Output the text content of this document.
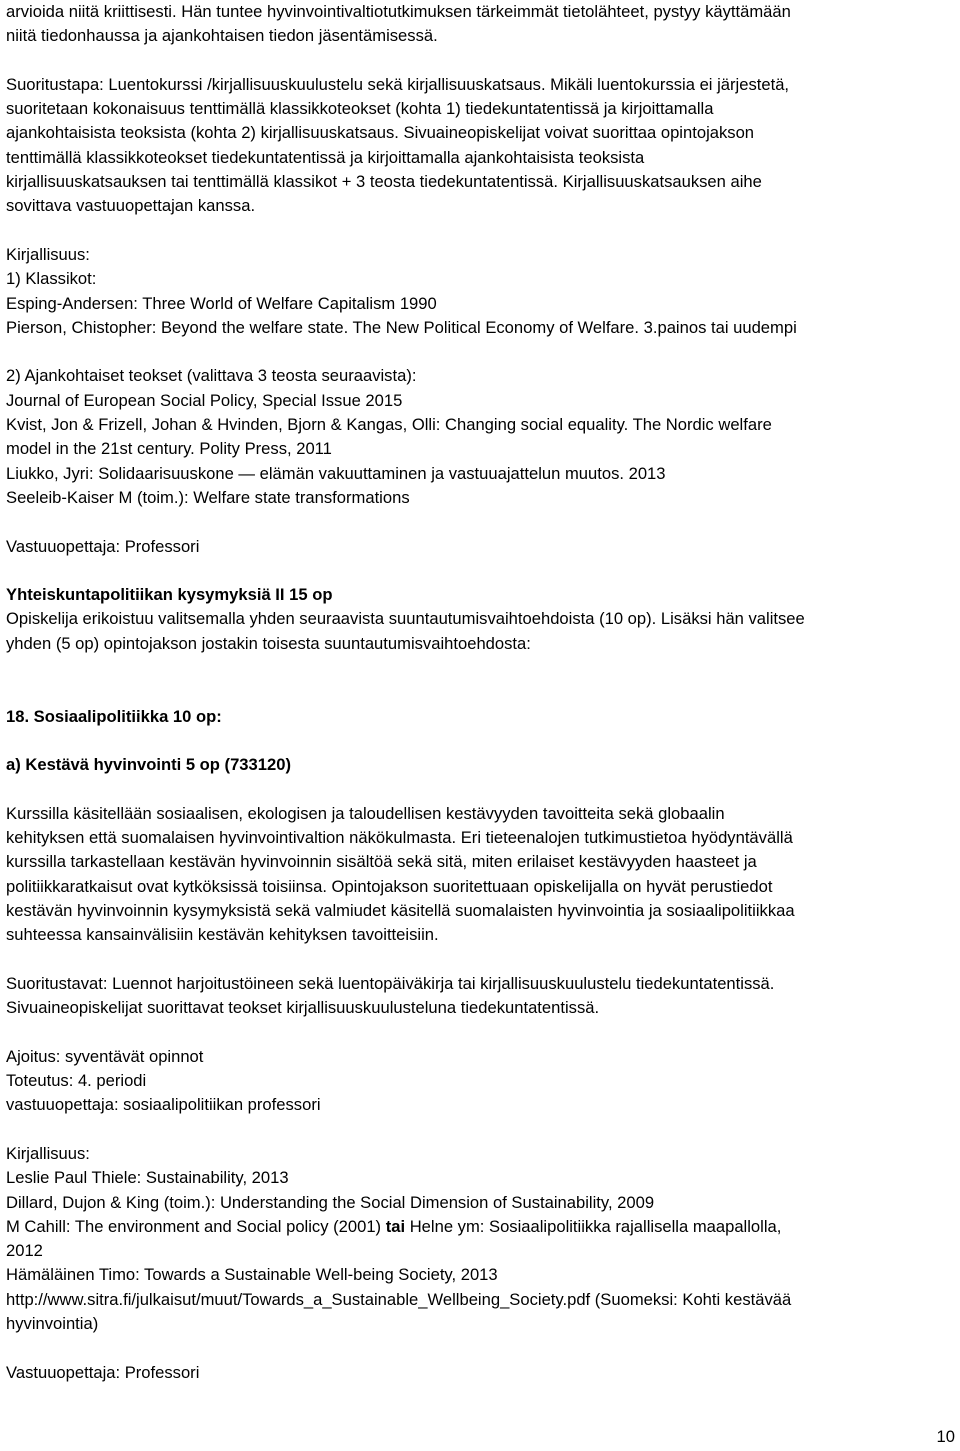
arvioida niitä kriittisesti. Hän tuntee hyvinvointivaltiotutkimuksen tärkeimmät tietolähteet, pystyy käyttämään

niitä tiedonhaussa ja ajankohtaisen tiedon jäsentämisessä.

Suoritustapa: Luentokurssi /kirjallisuuskuulustelu sekä kirjallisuuskatsaus. Mikäli luentokurssia ei järjestetä,

suoritetaan kokonaisuus tenttimällä klassikkoteokset (kohta 1) tiedekuntatentissä ja kirjoittamalla

ajankohtaisista teoksista (kohta 2) kirjallisuuskatsaus. Sivuaineopiskelijat voivat suorittaa opintojakson

tenttimällä klassikkoteokset tiedekuntatentissä ja kirjoittamalla ajankohtaisista teoksista

kirjallisuuskatsauksen tai tenttimällä klassikot + 3 teosta tiedekuntatentissä. Kirjallisuuskatsauksen aihe

sovittava vastuuopettajan kanssa.

Kirjallisuus:

1) Klassikot:

Esping-Andersen: Three World of Welfare Capitalism 1990

Pierson, Chistopher: Beyond the welfare state. The New Political Economy of Welfare. 3.painos tai uudempi

2) Ajankohtaiset teokset (valittava 3 teosta seuraavista):

Journal of European Social Policy, Special Issue 2015

Kvist, Jon & Frizell, Johan & Hvinden, Bjorn & Kangas, Olli: Changing social equality. The Nordic welfare

model in the 21st century. Polity Press, 2011

Liukko, Jyri: Solidaarisuuskone — elämän vakuuttaminen ja vastuuajattelun muutos. 2013

Seeleib-Kaiser M (toim.): Welfare state transformations

Vastuuopettaja: Professori

Yhteiskuntapolitiikan kysymyksiä II 15 op

Opiskelija erikoistuu valitsemalla yhden seuraavista suuntautumisvaihtoehdoista (10 op). Lisäksi hän valitsee

yhden (5 op) opintojakson jostakin toisesta suuntautumisvaihtoehdosta:

18. Sosiaalipolitiikka 10 op:

a) Kestävä hyvinvointi 5 op (733120)

Kurssilla käsitellään sosiaalisen, ekologisen ja taloudellisen kestävyyden tavoitteita sekä globaalin

kehityksen että suomalaisen hyvinvointivaltion näkökulmasta. Eri tieteenalojen tutkimustietoa hyödyntävällä

kurssilla tarkastellaan kestävän hyvinvoinnin sisältöä sekä sitä, miten erilaiset kestävyyden haasteet ja

politiikkaratkaisut ovat kytköksissä toisiinsa. Opintojakson suoritettuaan opiskelijalla on hyvät perustiedot

kestävän hyvinvoinnin kysymyksistä sekä valmiudet käsitellä suomalaisten hyvinvointia ja sosiaalipolitiikkaa

suhteessa kansainvälisiin kestävän kehityksen tavoitteisiin.

Suoritustavat: Luennot harjoitustöineen sekä luentopäiväkirja tai kirjallisuuskuulustelu tiedekuntatentissä.

Sivuaineopiskelijat suorittavat teokset kirjallisuuskuulusteluna tiedekuntatentissä.

Ajoitus: syventävät opinnot

Toteutus: 4. periodi

vastuuopettaja: sosiaalipolitiikan professori

Kirjallisuus:

Leslie Paul Thiele: Sustainability, 2013

Dillard, Dujon & King (toim.): Understanding the Social Dimension of Sustainability, 2009

M Cahill: The environment and Social policy (2001) tai Helne ym: Sosiaalipolitiikka rajallisella maapallolla,

2012

Hämäläinen Timo: Towards a Sustainable Well-being Society, 2013

http://www.sitra.fi/julkaisut/muut/Towards_a_Sustainable_Wellbeing_Society.pdf (Suomeksi: Kohti kestävää

hyvinvointia)

Vastuuopettaja: Professori

10
